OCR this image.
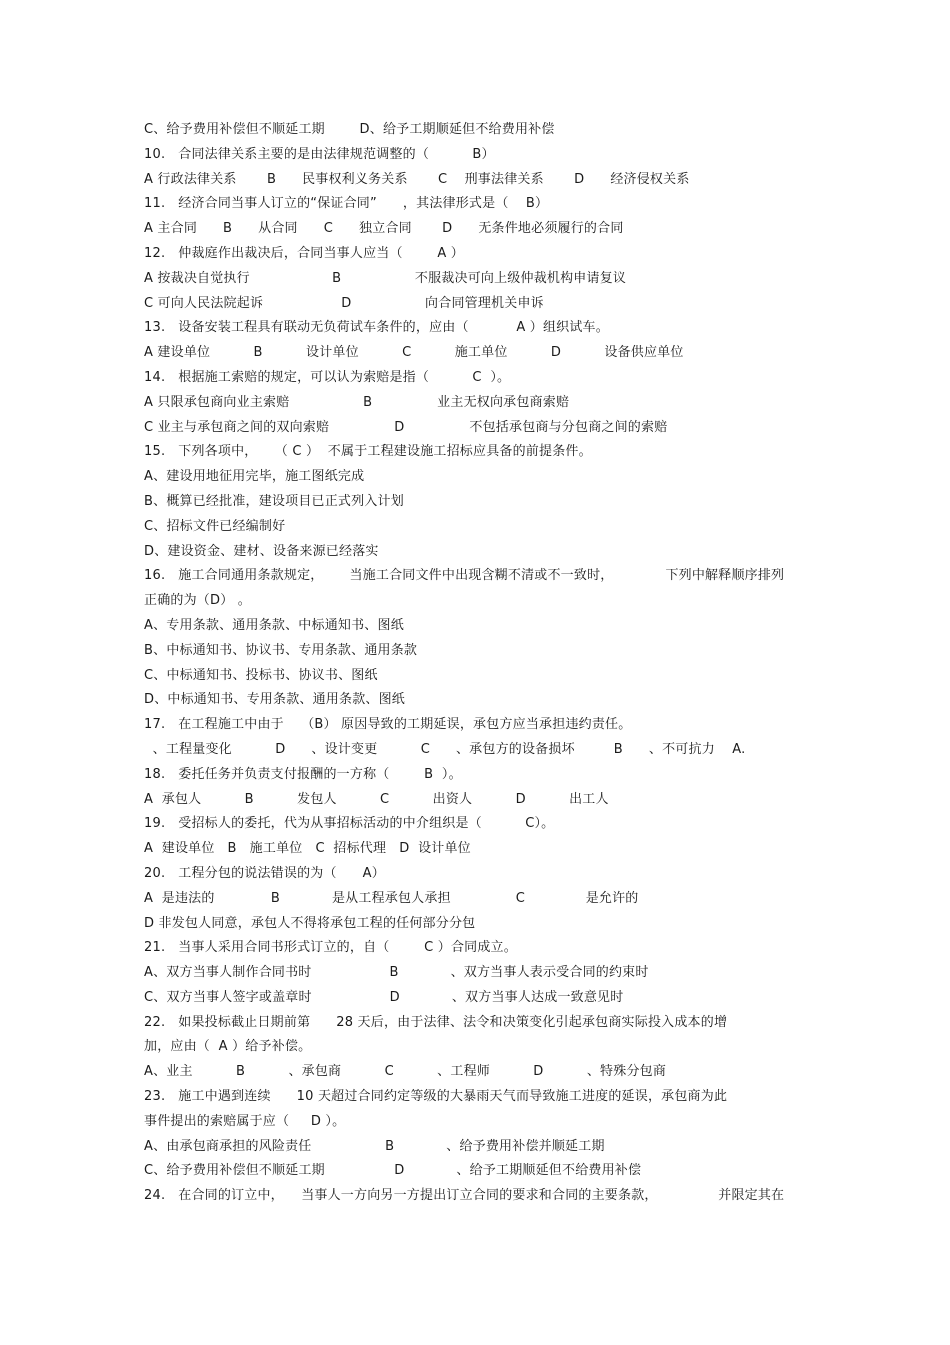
C、给予费用补偿但不顺延工期        D、给予工期顺延但不给费用补偿
10.   合同法律关系主要的是由法律规范调整的（          B）
A 行政法律关系       B      民事权利义务关系       C    刑事法律关系       D      经济侵权关系
11.   经济合同当事人订立的“保证合同”      ，其法律形式是（    B）
A 主合同      B      从合同      C      独立合同       D      无条件地必须履行的合同
12.   仲裁庭作出裁决后，合同当事人应当（        A ）
A 按裁决自觉执行                   B                 不服裁决可向上级仲裁机构申请复议
C 可向人民法院起诉                  D                 向合同管理机关申诉
13.   设备安装工程具有联动无负荷试车条件的，应由（           A ）组织试车。
A 建设单位          B          设计单位          C          施工单位          D          设备供应单位
14.   根据施工索赔的规定，可以认为索赔是指（          C  ）。
A 只限承包商向业主索赔                 B               业主无权向承包商索赔
C 业主与承包商之间的双向索赔               D               不包括承包商与分包商之间的索赔
15.   下列各项中，    （ C ）  不属于工程建设施工招标应具备的前提条件。
A、建设用地征用完毕，施工图纸完成
B、概算已经批准，建设项目已正式列入计划
C、招标文件已经编制好
D、建设资金、建材、设备来源已经落实
16.   施工合同通用条款规定，      当施工合同文件中出现含糊不清或不一致时，            下列中解释顺序排列
正确的为（D） 。
A、专用条款、通用条款、中标通知书、图纸
B、中标通知书、协议书、专用条款、通用条款
C、中标通知书、投标书、协议书、图纸
D、中标通知书、专用条款、通用条款、图纸
17.   在工程施工中由于    （B） 原因导致的工期延误，承包方应当承担违约责任。
、工程量变化          D      、设计变更          C      、承包方的设备损坏         B      、不可抗力    A.
18.   委托任务并负责支付报酬的一方称（        B  ）。
A  承包人          B          发包人          C          出资人          D          出工人
19.   受招标人的委托，代为从事招标活动的中介组织是（          C）。
A  建设单位   B   施工单位   C  招标代理   D  设计单位
20.   工程分包的说法错误的为（      A）
A  是违法的             B            是从工程承包人承担               C              是允许的
D 非发包人同意，承包人不得将承包工程的任何部分分包
21.   当事人采用合同书形式订立的，自（        C ）合同成立。
A、双方当事人制作合同书时                  B            、双方当事人表示受合同的约束时
C、双方当事人签字或盖章时                  D            、双方当事人达成一致意见时
22.   如果投标截止日期前第      28 天后，由于法律、法令和决策变化引起承包商实际投入成本的增
加，应由（  A ）给予补偿。
A、业主          B          、承包商          C          、工程师          D          、特殊分包商
23.   施工中遇到连续      10 天超过合同约定等级的大暴雨天气而导致施工进度的延误，承包商为此
事件提出的索赔属于应（     D ）。
A、由承包商承担的风险责任                 B            、给予费用补偿并顺延工期
C、给予费用补偿但不顺延工期                D            、给予工期顺延但不给费用补偿
24.   在合同的订立中，    当事人一方向另一方提出订立合同的要求和合同的主要条款，              并限定其在
